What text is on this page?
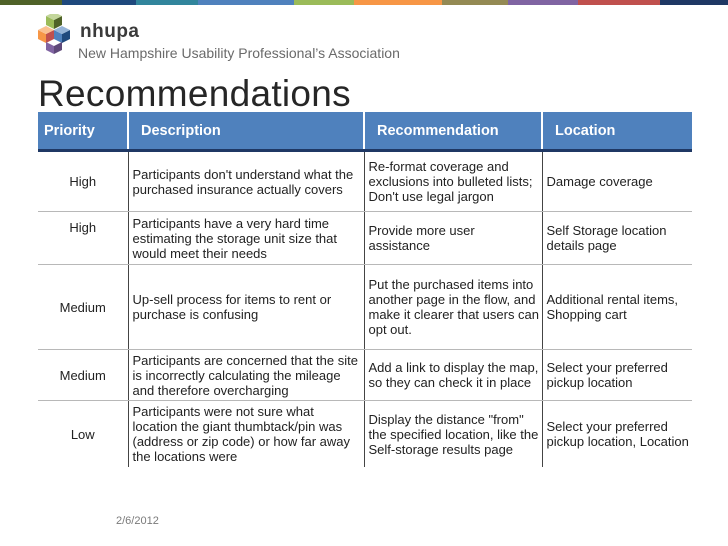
nhupa
New Hampshire Usability Professional’s Association
Recommendations
Priority	Description	Recommendation	Location

High	Participants don't understand what the purchased insurance actually covers	Re-format coverage and exclusions into bulleted lists; Don't use legal jargon	Damage coverage

High	Participants have a very hard time estimating the storage unit size that would meet their needs	Provide more user assistance	Self Storage location details page

Medium	Up-sell process for items to rent or purchase is confusing	Put the purchased items into another page in the flow, and make it clearer that users can opt out.	Additional rental items, Shopping cart

Medium	Participants are concerned that the site is incorrectly calculating the mileage and therefore overcharging	Add a link to display the map, so they can check it in place	Select your preferred pickup location

Low	Participants were not sure what location the giant thumbtack/pin was (address or zip code) or how far away the locations were	Display the distance "from" the specified location, like the Self-storage results page	Select your preferred pickup location, Location
2/6/2012
